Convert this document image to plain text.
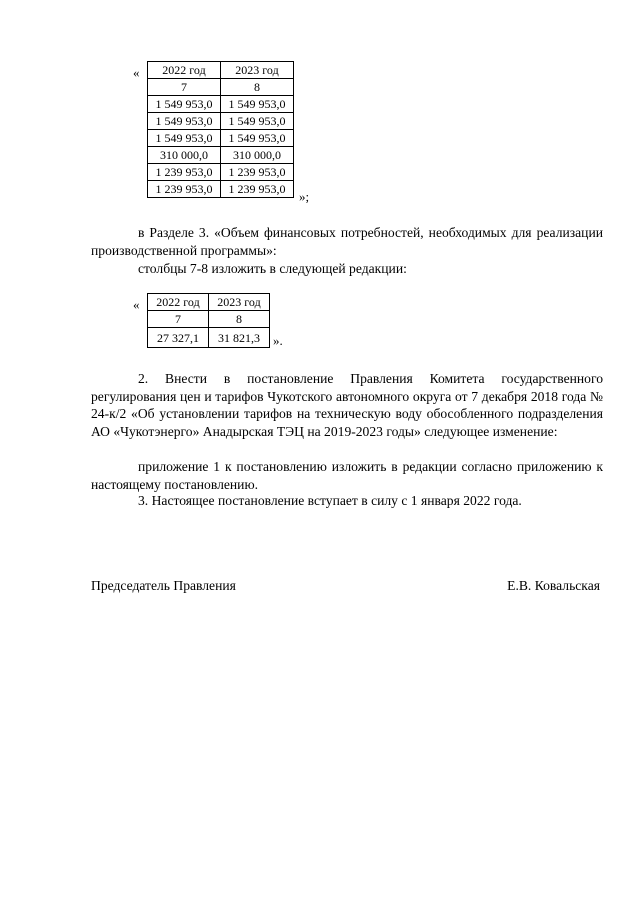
« 2022 год	2023 год
7	8
1 549 953,0	1 549 953,0
1 549 953,0	1 549 953,0
1 549 953,0	1 549 953,0
310 000,0	310 000,0
1 239 953,0	1 239 953,0
1 239 953,0	1 239 953,0 »;
в Разделе 3. «Объем финансовых потребностей, необходимых для реализации производственной программы»:
столбцы 7-8 изложить в следующей редакции:
« 2022 год	2023 год
7	8
27 327,1	31 821,3 ».
2. Внести в постановление Правления Комитета государственного регулирования цен и тарифов Чукотского автономного округа от 7 декабря 2018 года № 24-к/2 «Об установлении тарифов на техническую воду обособленного подразделения АО «Чукотэнерго» Анадырская ТЭЦ на 2019-2023 годы» следующее изменение:
приложение 1 к постановлению изложить в редакции согласно приложению к настоящему постановлению.
3. Настоящее постановление вступает в силу с 1 января 2022 года.
Председатель Правления	Е.В. Ковальская
